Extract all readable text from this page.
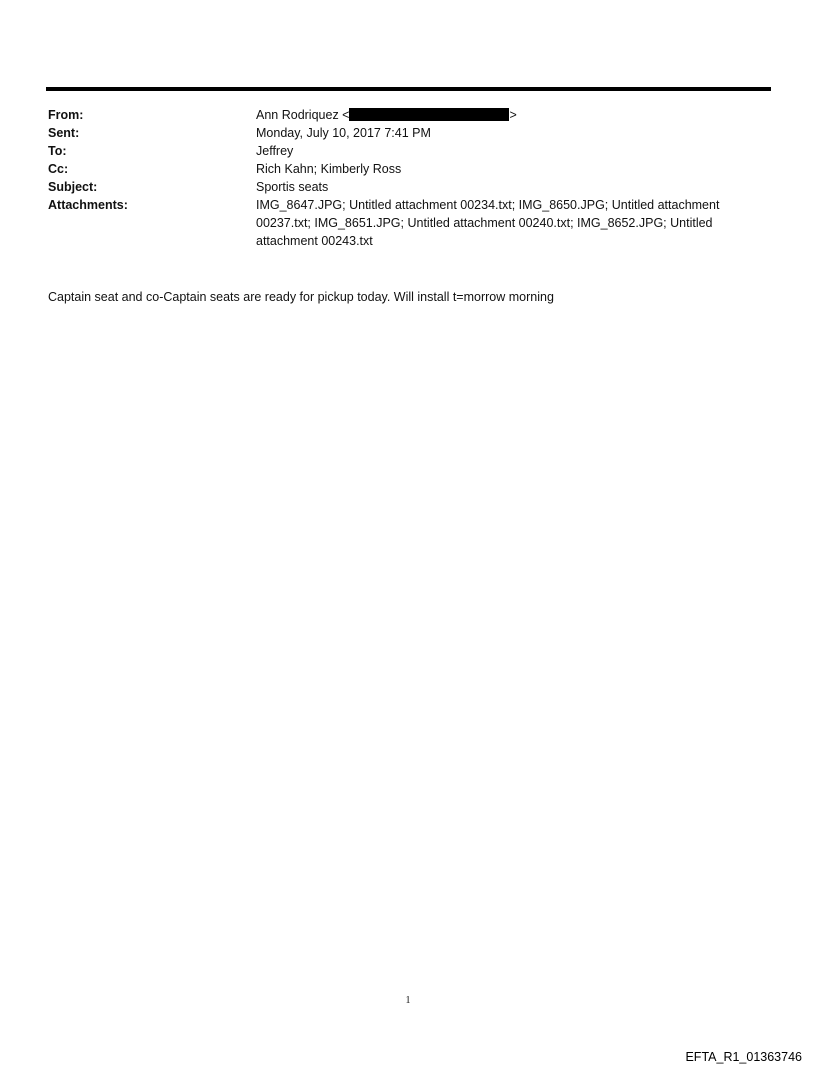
From:	Ann Rodriquez <	>
Sent:	Monday, July 10, 2017 7:41 PM
To:	Jeffrey
Cc:	Rich Kahn; Kimberly Ross
Subject:	Sportis seats
Attachments:	IMG_8647.JPG; Untitled attachment 00234.txt; IMG_8650.JPG; Untitled attachment 00237.txt; IMG_8651.JPG; Untitled attachment 00240.txt; IMG_8652.JPG; Untitled attachment 00243.txt
Captain seat and co-Captain seats are ready for pickup today. Will install t=morrow morning
1
EFTA_R1_01363746
